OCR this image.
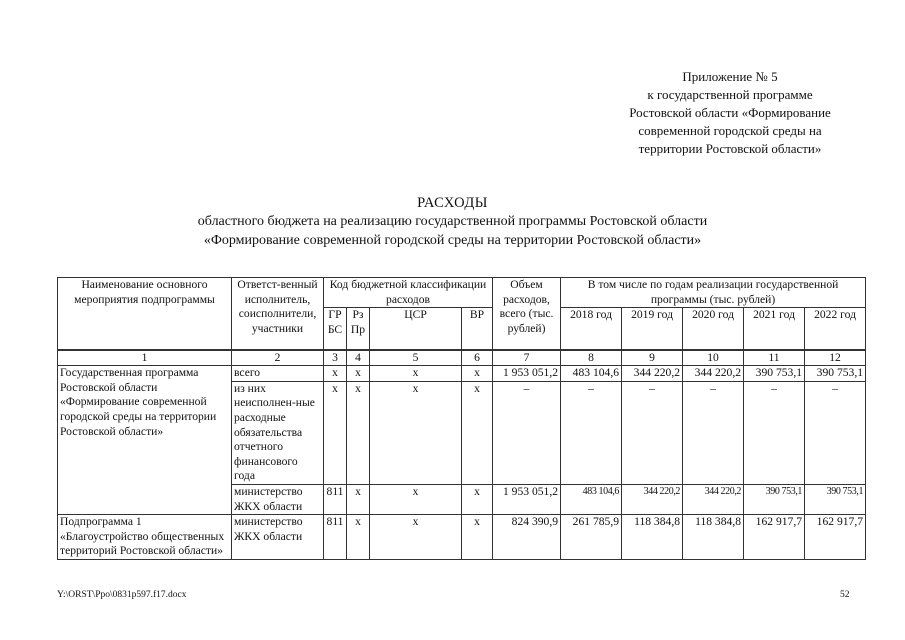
Приложение № 5
к государственной программе
Ростовской области «Формирование
современной городской среды на
территории Ростовской области»
РАСХОДЫ
областного бюджета на реализацию государственной программы Ростовской области
«Формирование современной городской среды на территории Ростовской области»
Наименование основного мероприятия подпрограммы	Ответст-венный исполнитель, соисполнители, участники	Код бюджетной классификации расходов				Объем расходов, всего (тыс. рублей)	В том числе по годам реализации государственной программы (тыс. рублей)				
		ГР БС	Рз Пр	ЦСР	ВР		2018 год	2019 год	2020 год	2021 год	2022 год
1	2	3	4	5	6	7	8	9	10	11	12
Государственная программа Ростовской области «Формирование современной городской среды на территории Ростовской области»	всего	х	х	х	х	1 953 051,2	483 104,6	344 220,2	344 220,2	390 753,1	390 753,1
	из них неисполнен-ные расходные обязательства отчетного финансового года	х	х	х	х	–	–	–	–	–	–
	министерство ЖКХ области	811	х	х	х	1 953 051,2	483 104,6	344 220,2	344 220,2	390 753,1	390 753,1
Подпрограмма 1 «Благоустройство общественных территорий Ростовской области»	министерство ЖКХ области	811	х	х	х	824 390,9	261 785,9	118 384,8	118 384,8	162 917,7	162 917,7
Y:\ORST\Ppo\0831p597.f17.docx	52
